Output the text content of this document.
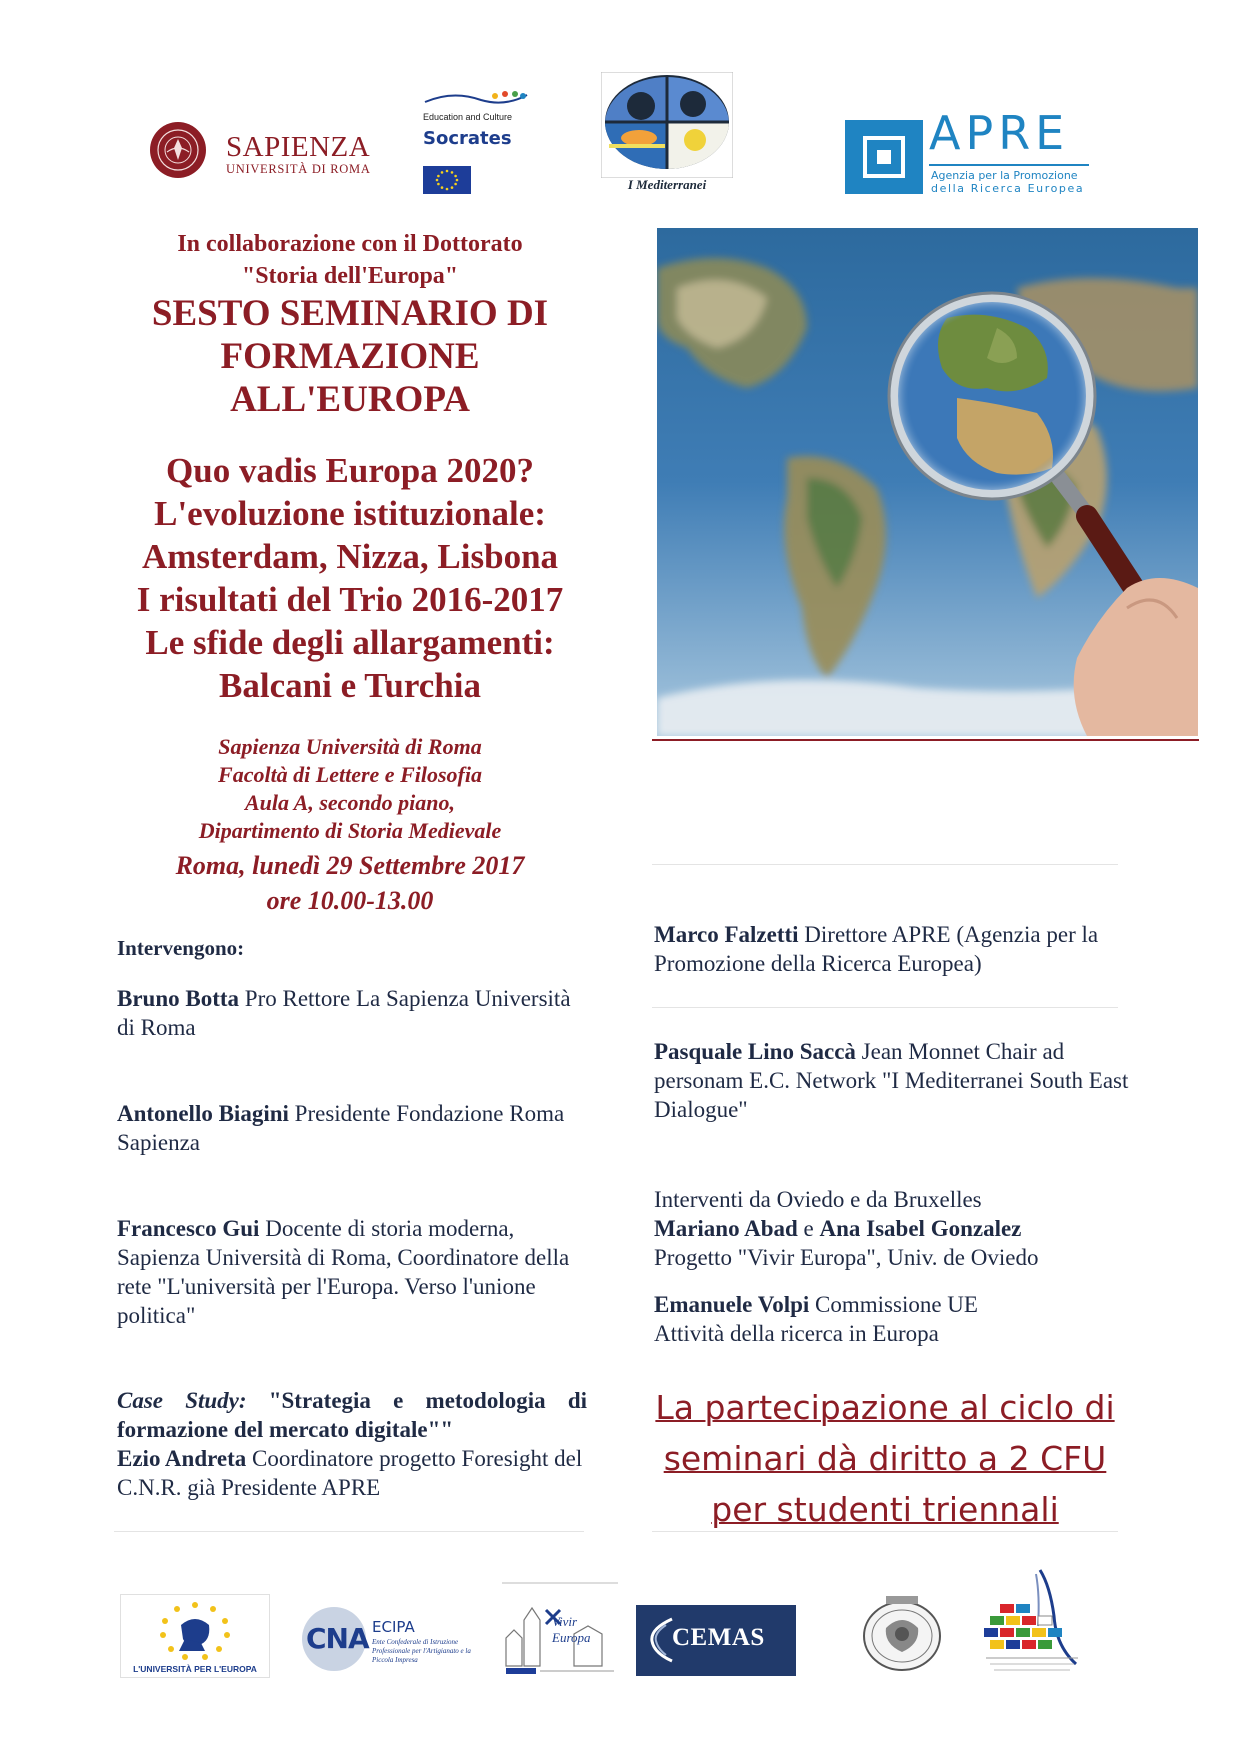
SAPIENZA
UNIVERSITÀ DI ROMA
Education and Culture
Socrates
I Mediterranei
APRE
Agenzia per la Promozione
della Ricerca Europea
In collaborazione con il Dottorato
"Storia dell'Europa"
SESTO SEMINARIO DI
FORMAZIONE
ALL'EUROPA
Quo vadis Europa 2020?
L'evoluzione istituzionale:
Amsterdam, Nizza, Lisbona
I risultati del Trio 2016-2017
Le sfide degli allargamenti:
Balcani e Turchia
Sapienza Università di Roma
Facoltà di Lettere e Filosofia
Aula A, secondo piano,
Dipartimento di Storia Medievale
Roma, lunedì 29 Settembre 2017
ore 10.00-13.00
Intervengono:
Bruno Botta Pro Rettore La Sapienza Università di Roma
Antonello Biagini Presidente Fondazione Roma Sapienza
Francesco Gui Docente di storia moderna, Sapienza Università di Roma, Coordinatore della rete "L'università per l'Europa. Verso l'unione politica"
Case Study: "Strategia e metodologia di formazione del mercato digitale""
Ezio Andreta Coordinatore progetto Foresight del C.N.R. già Presidente APRE
Marco Falzetti Direttore APRE (Agenzia per la Promozione della Ricerca Europea)
Pasquale Lino Saccà Jean Monnet Chair ad personam E.C. Network "I Mediterranei South East Dialogue"
Interventi da Oviedo e da Bruxelles
Mariano Abad e Ana Isabel Gonzalez
Progetto "Vivir Europa", Univ. de Oviedo
Emanuele Volpi Commissione UE
Attività della ricerca in Europa
La partecipazione al ciclo di
seminari dà diritto a 2 CFU
per studenti triennali
L'UNIVERSITÀ PER L'EUROPA
CNA ECIPA
Ente Confederale di Istruzione Professionale per l'Artigianato e la Piccola Impresa
Vivir Europa	CEMAS
